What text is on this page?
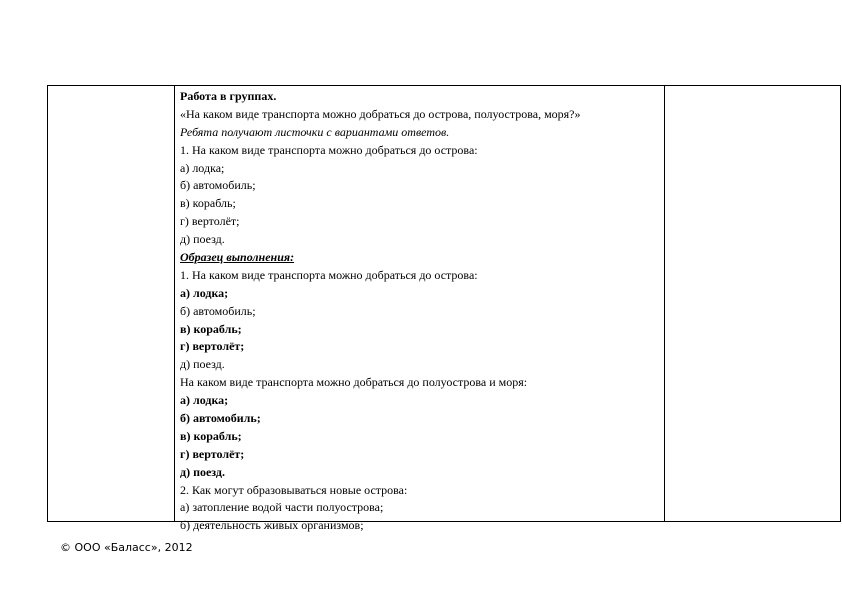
Работа в группах.
«На каком виде транспорта можно добраться до острова, полуострова, моря?»
Ребята получают листочки с вариантами ответов.
1. На каком виде транспорта можно добраться до острова:
а) лодка;
б) автомобиль;
в) корабль;
г) вертолёт;
д) поезд.
Образец выполнения:
1. На каком виде транспорта можно добраться до острова:
а) лодка;
б) автомобиль;
в) корабль;
г) вертолёт;
д) поезд.
На каком виде транспорта можно добраться до полуострова и моря:
а) лодка;
б) автомобиль;
в) корабль;
г) вертолёт;
д) поезд.
2. Как могут образовываться новые острова:
а) затопление водой части полуострова;
б) деятельность живых организмов;
© ООО «Баласс», 2012
